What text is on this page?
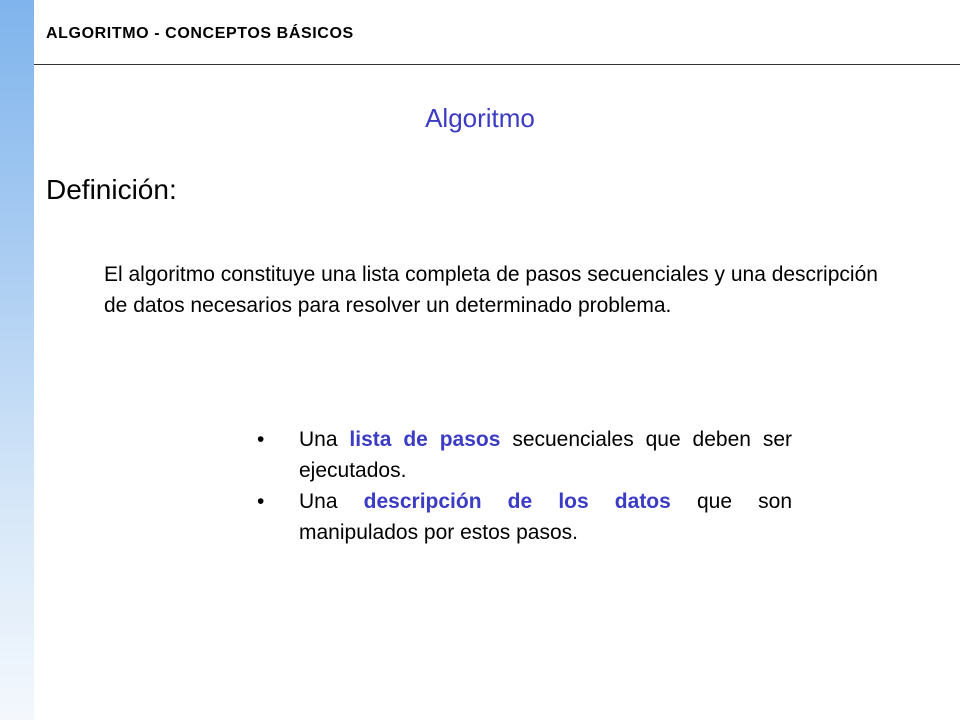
ALGORITMO - CONCEPTOS BÁSICOS
Algoritmo
Definición:
El algoritmo constituye una lista completa de pasos secuenciales y una descripción de datos necesarios para resolver un determinado problema.
• Una lista de pasos secuenciales que deben ser ejecutados.
• Una descripción de los datos que son manipulados por estos pasos.
